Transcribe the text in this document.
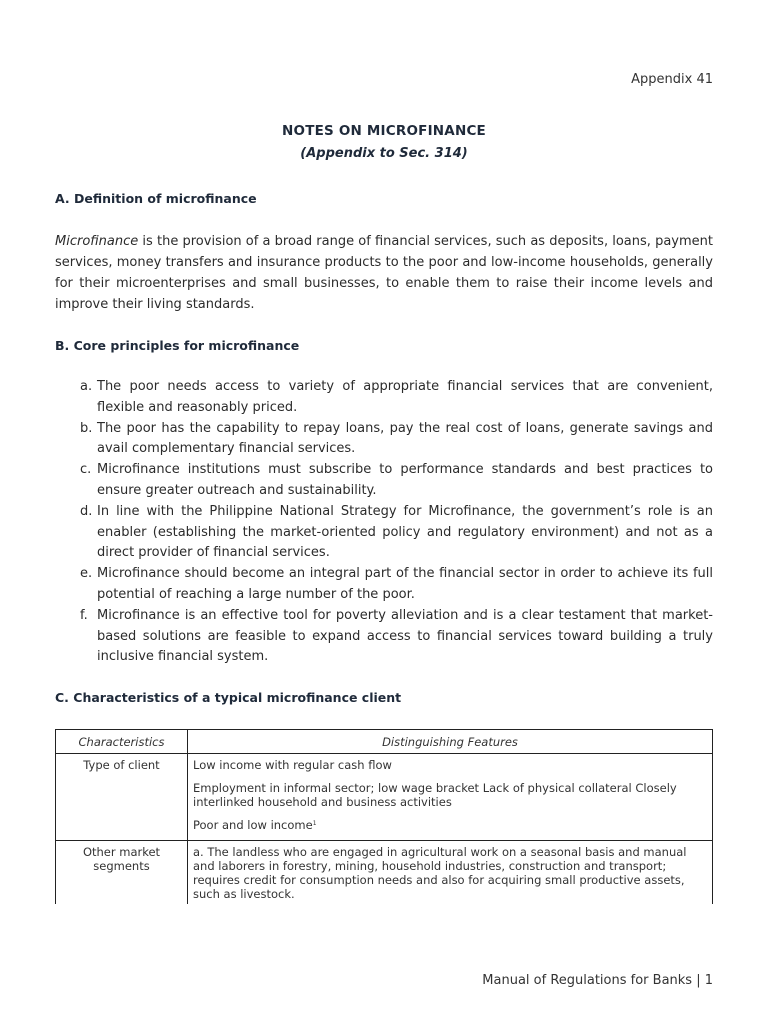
Appendix 41
NOTES ON MICROFINANCE
(Appendix to Sec. 314)
A. Definition of microfinance
Microfinance is the provision of a broad range of financial services, such as deposits, loans, payment services, money transfers and insurance products to the poor and low-income households, generally for their microenterprises and small businesses, to enable them to raise their income levels and improve their living standards.
B. Core principles for microfinance
a. The poor needs access to variety of appropriate financial services that are convenient, flexible and reasonably priced.
b. The poor has the capability to repay loans, pay the real cost of loans, generate savings and avail complementary financial services.
c. Microfinance institutions must subscribe to performance standards and best practices to ensure greater outreach and sustainability.
d. In line with the Philippine National Strategy for Microfinance, the government’s role is an enabler (establishing the market-oriented policy and regulatory environment) and not as a direct provider of financial services.
e. Microfinance should become an integral part of the financial sector in order to achieve its full potential of reaching a large number of the poor.
f. Microfinance is an effective tool for poverty alleviation and is a clear testament that market-based solutions are feasible to expand access to financial services toward building a truly inclusive financial system.
C. Characteristics of a typical microfinance client
Characteristics	Distinguishing Features
Type of client	Low income with regular cash flow

Employment in informal sector; low wage bracket Lack of physical collateral Closely interlinked household and business activities

Poor and low income$^1$

Other market segments	a. The landless who are engaged in agricultural work on a seasonal basis and manual and laborers in forestry, mining, household industries, construction and transport; requires credit for consumption needs and also for acquiring small productive assets, such as livestock.
Manual of Regulations for Banks | 1
